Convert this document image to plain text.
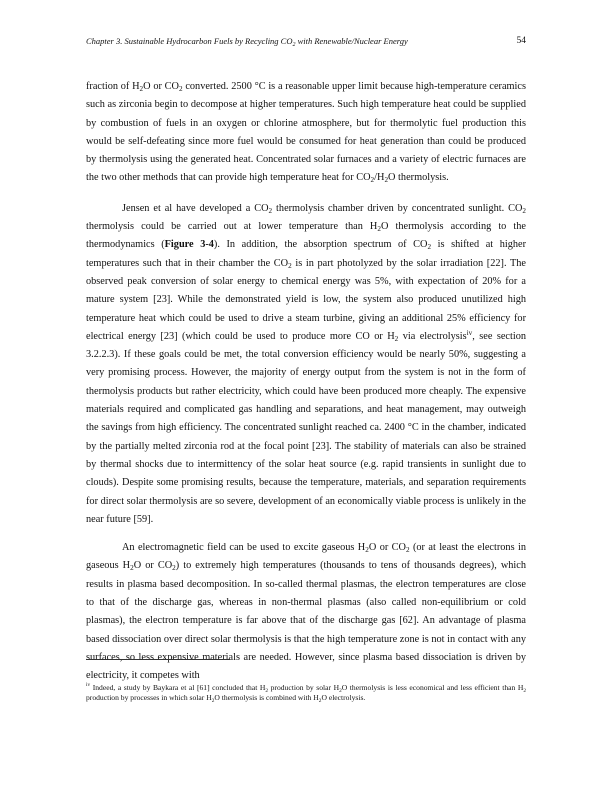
Chapter 3. Sustainable Hydrocarbon Fuels by Recycling $CO_2$ with Renewable/Nuclear Energy	54

fraction of $H_2O$ or $CO_2$ converted. 2500 °C is a reasonable upper limit because high-temperature ceramics such as zirconia begin to decompose at higher temperatures. Such high temperature heat could be supplied by combustion of fuels in an oxygen or chlorine atmosphere, but for thermolytic fuel production this would be self-defeating since more fuel would be consumed for heat generation than could be produced by thermolysis using the generated heat. Concentrated solar furnaces and a variety of electric furnaces are the two other methods that can provide high temperature heat for $CO_2/H_2O$ thermolysis.

Jensen et al have developed a $CO_2$ thermolysis chamber driven by concentrated sunlight. $CO_2$ thermolysis could be carried out at lower temperature than $H_2O$ thermolysis according to the thermodynamics (Figure 3-4). In addition, the absorption spectrum of $CO_2$ is shifted at higher temperatures such that in their chamber the $CO_2$ is in part photolyzed by the solar irradiation [22]. The observed peak conversion of solar energy to chemical energy was 5%, with expectation of 20% for a mature system [23]. While the demonstrated yield is low, the system also produced unutilized high temperature heat which could be used to drive a steam turbine, giving an additional 25% efficiency for electrical energy [23] (which could be used to produce more CO or $H_2$ via electrolysis$^{iv}$, see section 3.2.2.3). If these goals could be met, the total conversion efficiency would be nearly 50%, suggesting a very promising process. However, the majority of energy output from the system is not in the form of thermolysis products but rather electricity, which could have been produced more cheaply. The expensive materials required and complicated gas handling and separations, and heat management, may outweigh the savings from high efficiency. The concentrated sunlight reached ca. 2400 °C in the chamber, indicated by the partially melted zirconia rod at the focal point [23]. The stability of materials can also be strained by thermal shocks due to intermittency of the solar heat source (e.g. rapid transients in sunlight due to clouds). Despite some promising results, because the temperature, materials, and separation requirements for direct solar thermolysis are so severe, development of an economically viable process is unlikely in the near future [59].

An electromagnetic field can be used to excite gaseous $H_2O$ or $CO_2$ (or at least the electrons in gaseous $H_2O$ or $CO_2$) to extremely high temperatures (thousands to tens of thousands degrees), which results in plasma based decomposition. In so-called thermal plasmas, the electron temperatures are close to that of the discharge gas, whereas in non-thermal plasmas (also called non-equilibrium or cold plasmas), the electron temperature is far above that of the discharge gas [62]. An advantage of plasma based dissociation over direct solar thermolysis is that the high temperature zone is not in contact with any surfaces, so less expensive materials are needed. However, since plasma based dissociation is driven by electricity, it competes with

$^{iv}$ Indeed, a study by Baykara et al [61] concluded that $H_2$ production by solar $H_2O$ thermolysis is less economical and less efficient than $H_2$ production by processes in which solar $H_2O$ thermolysis is combined with $H_2O$ electrolysis.
